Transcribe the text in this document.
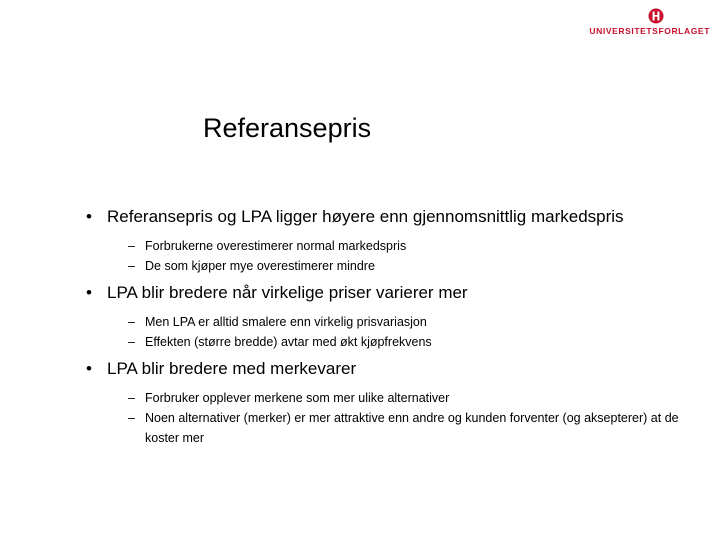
UNIVERSITETSFORLAGET
Referansepris
• Referansepris og LPA ligger høyere enn gjennomsnittlig markedspris
– Forbrukerne overestimerer normal markedspris
– De som kjøper mye overestimerer mindre
• LPA blir bredere når virkelige priser varierer mer
– Men LPA er alltid smalere enn virkelig prisvariasjon
– Effekten (større bredde) avtar med økt kjøpfrekvens
• LPA blir bredere med merkevarer
– Forbruker opplever merkene som mer ulike alternativer
– Noen alternativer (merker) er mer attraktive enn andre og kunden forventer (og aksepterer) at de koster mer
